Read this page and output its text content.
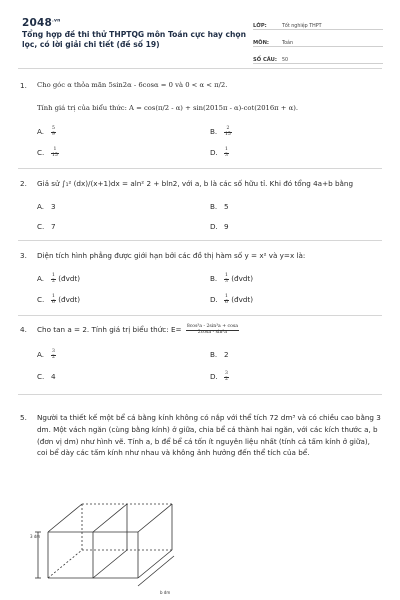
$2048^{.vn}$
Tổng hợp đề thi thử THPTQG môn Toán cực hay chọn lọc, có lời giải chi tiết (đề số 19)
LỚP:	Tốt nghiệp THPT
MÔN:	Toán
SỐ CÂU:	50
1.	Cho góc α thỏa mãn 5sin2α - 6cosα = 0 và 0 < α < π/2.
Tính giá trị của biểu thức: A = cos(π/2 - α) + sin(2015π - α)-cot(2016π + α).
A. $\frac{5}{9}$	B. $\frac{2}{15}$
C. $\frac{1}{15}$	D. $\frac{1}{3}$
2.	Giả sử ∫₁² (dx)/(x+1)dx = aln² 2 + bln2, với a, b là các số hữu tỉ. Khi đó tổng 4a+b bằng
A. 3	B. 5
C. 7	D. 9
3.	Diện tích hình phẳng được giới hạn bởi các đồ thị hàm số y = x² và y=x là:
A. $\frac{1}{2}$ (đvdt)	B. $\frac{1}{3}$ (đvdt)
C. $\frac{1}{6}$ (đvdt)	D. $\frac{1}{6}$ (đvdt)
4.	Cho tan a = 2. Tính giá trị biểu thức: $E= \frac{\text{8cos³a - 2sin³a + cosa}}{\text{2cosa - sin³a}}$
A. $\frac{3}{2}$	B. 2
C. 4	D. $\frac{3}{2}$
5.	Người ta thiết kế một bể cá bằng kính không có nắp với thể tích 72 dm³ và có chiều cao bằng 3 dm. Một vách ngăn (cùng bằng kính) ở giữa, chia bể cá thành hai ngăn, với các kích thước a, b (đơn vị dm) như hình vẽ. Tính a, b để bể cá tốn ít nguyên liệu nhất (tính cả tấm kính ở giữa), coi bể dày các tấm kính như nhau và không ảnh hưởng đến thể tích của bể.
3 dm
b dm
